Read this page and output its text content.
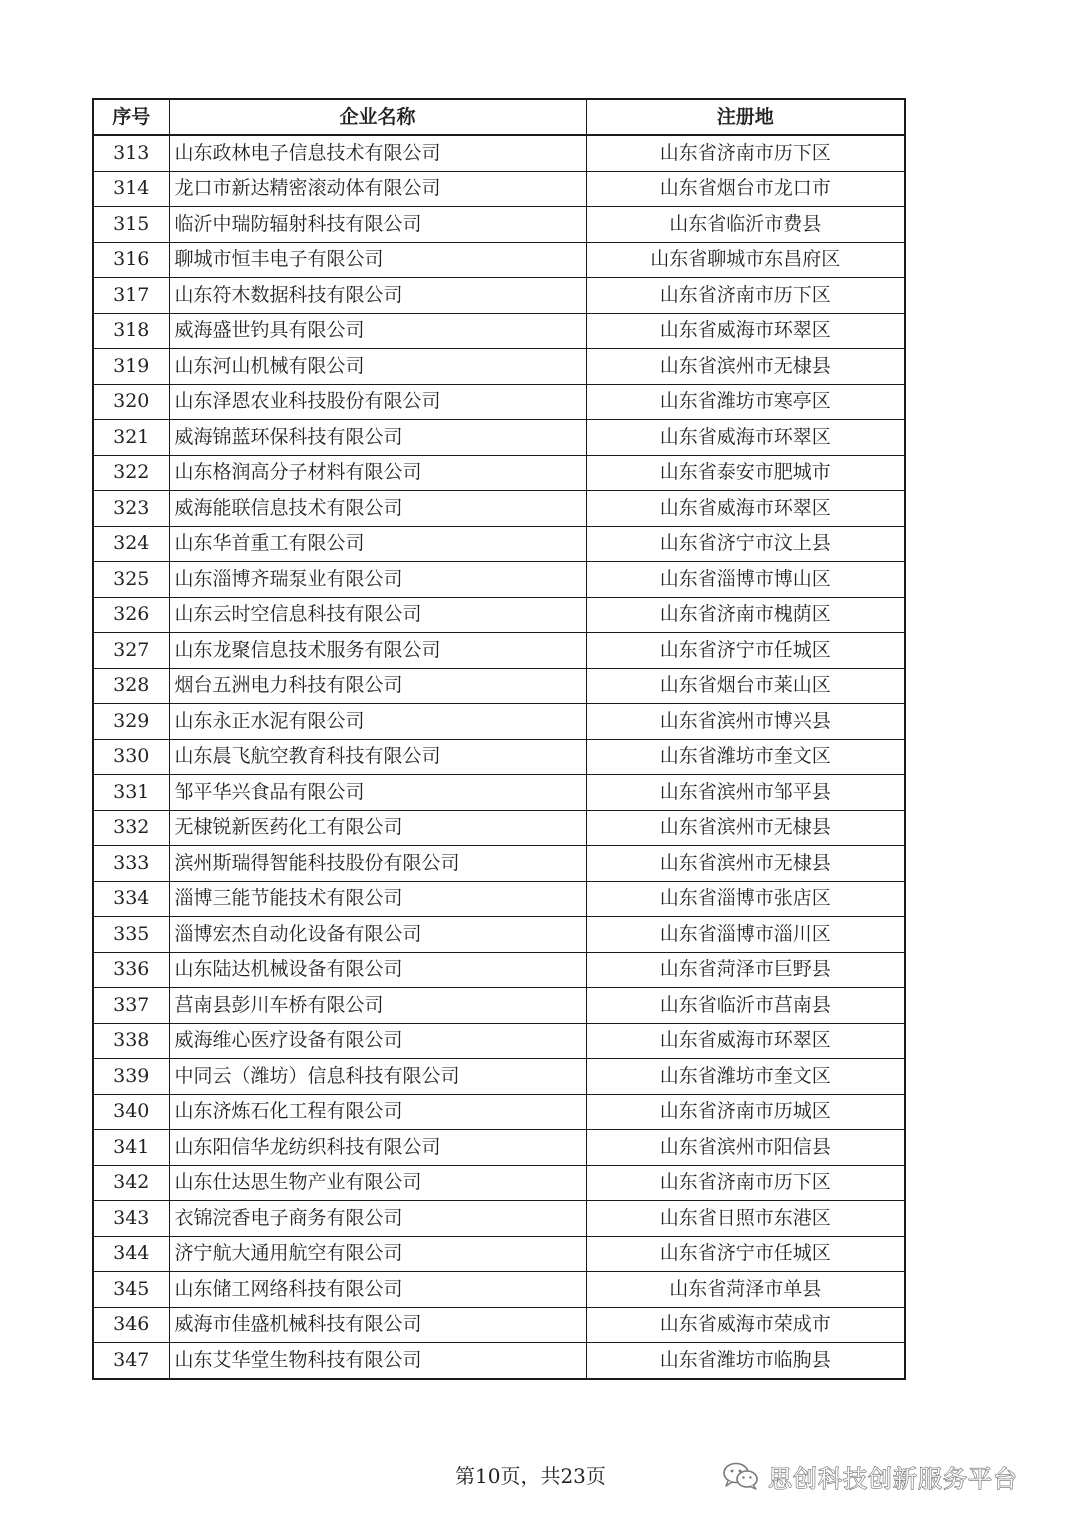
序号	企业名称	注册地
313	山东政林电子信息技术有限公司	山东省济南市历下区
314	龙口市新达精密滚动体有限公司	山东省烟台市龙口市
315	临沂中瑞防辐射科技有限公司	山东省临沂市费县
316	聊城市恒丰电子有限公司	山东省聊城市东昌府区
317	山东符木数据科技有限公司	山东省济南市历下区
318	威海盛世钓具有限公司	山东省威海市环翠区
319	山东河山机械有限公司	山东省滨州市无棣县
320	山东泽恩农业科技股份有限公司	山东省潍坊市寒亭区
321	威海锦蓝环保科技有限公司	山东省威海市环翠区
322	山东格润高分子材料有限公司	山东省泰安市肥城市
323	威海能联信息技术有限公司	山东省威海市环翠区
324	山东华首重工有限公司	山东省济宁市汶上县
325	山东淄博齐瑞泵业有限公司	山东省淄博市博山区
326	山东云时空信息科技有限公司	山东省济南市槐荫区
327	山东龙聚信息技术服务有限公司	山东省济宁市任城区
328	烟台五洲电力科技有限公司	山东省烟台市莱山区
329	山东永正水泥有限公司	山东省滨州市博兴县
330	山东晨飞航空教育科技有限公司	山东省潍坊市奎文区
331	邹平华兴食品有限公司	山东省滨州市邹平县
332	无棣锐新医药化工有限公司	山东省滨州市无棣县
333	滨州斯瑞得智能科技股份有限公司	山东省滨州市无棣县
334	淄博三能节能技术有限公司	山东省淄博市张店区
335	淄博宏杰自动化设备有限公司	山东省淄博市淄川区
336	山东陆达机械设备有限公司	山东省菏泽市巨野县
337	莒南县彭川车桥有限公司	山东省临沂市莒南县
338	威海维心医疗设备有限公司	山东省威海市环翠区
339	中同云（潍坊）信息科技有限公司	山东省潍坊市奎文区
340	山东济炼石化工程有限公司	山东省济南市历城区
341	山东阳信华龙纺织科技有限公司	山东省滨州市阳信县
342	山东仕达思生物产业有限公司	山东省济南市历下区
343	衣锦浣香电子商务有限公司	山东省日照市东港区
344	济宁航大通用航空有限公司	山东省济宁市任城区
345	山东储工网络科技有限公司	山东省菏泽市单县
346	威海市佳盛机械科技有限公司	山东省威海市荣成市
347	山东艾华堂生物科技有限公司	山东省潍坊市临朐县
第10页，共23页	思创科技创新服务平台
